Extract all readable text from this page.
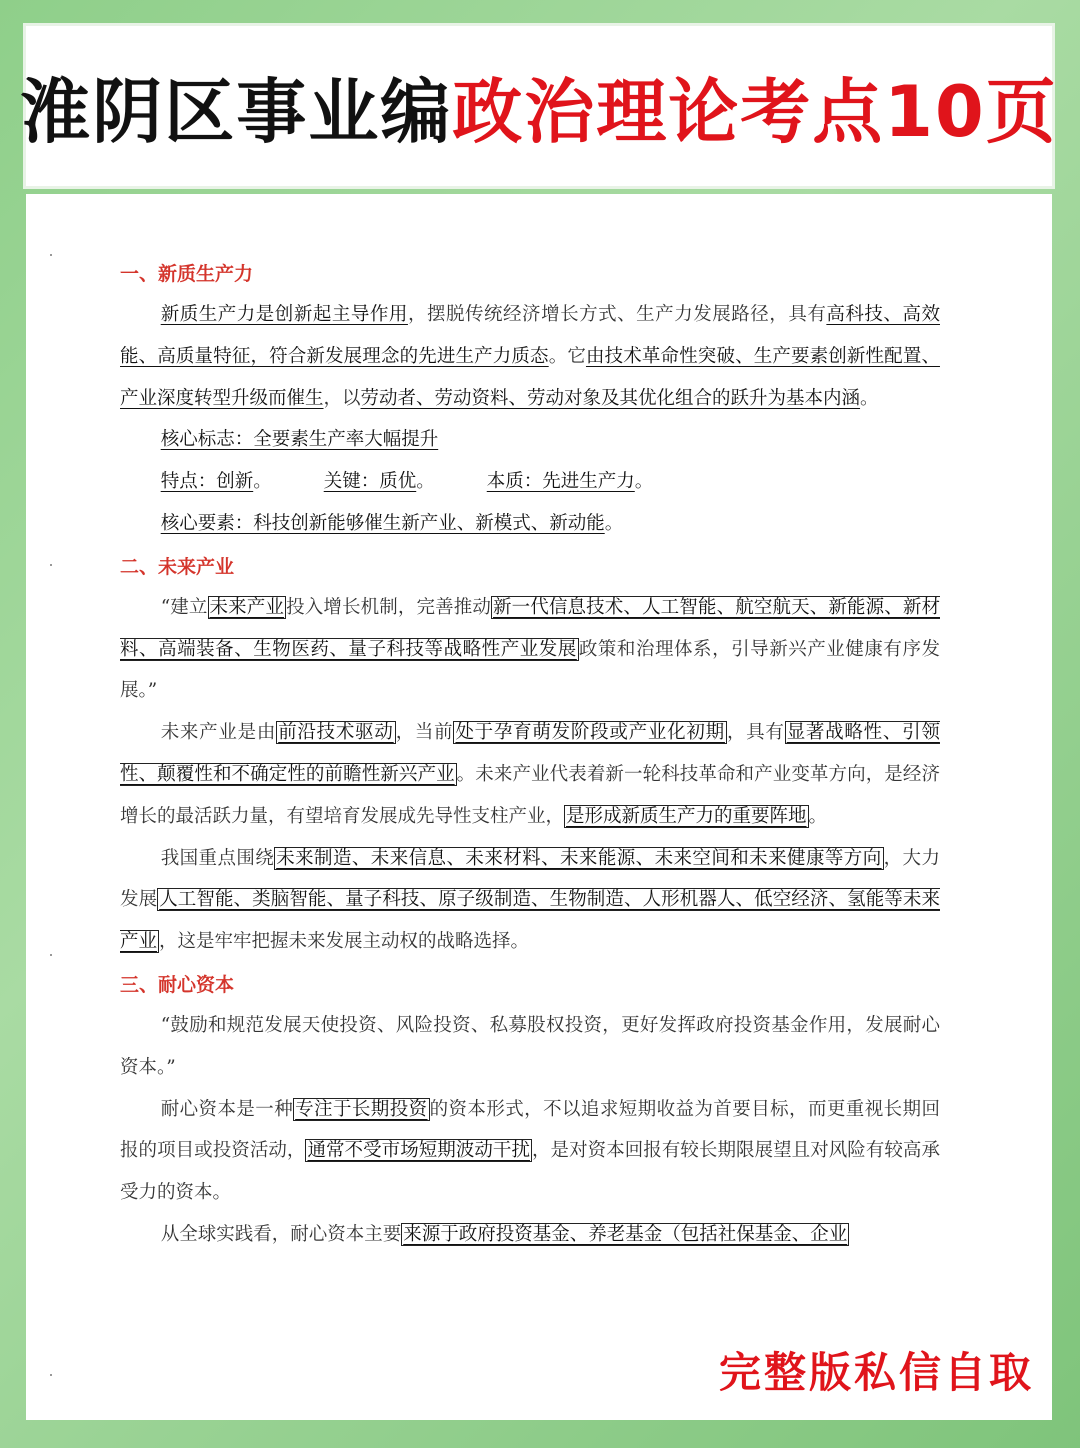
淮阴区事业编 政治理论考点10页
一、新质生产力

新质生产力是创新起主导作用，摆脱传统经济增长方式、生产力发展路径，具有高科技、高效能、高质量特征，符合新发展理念的先进生产力质态。它由技术革命性突破、生产要素创新性配置、产业深度转型升级而催生，以劳动者、劳动资料、劳动对象及其优化组合的跃升为基本内涵。

核心标志：全要素生产率大幅提升

特点：创新。	关键：质优。	本质：先进生产力。

核心要素：科技创新能够催生新产业、新模式、新动能。

二、未来产业

“建立 未来产业 投入增长机制，完善推动 新一代信息技术、人工智能、航空航天、新能源、新材料、高端装备、生物医药、量子科技等战略性产业发展 政策和治理体系，引导新兴产业健康有序发展。”

未来产业是由 前沿技术驱动 ，当前 处于孕育萌发阶段或产业化初期 ，具有 显著战略性、引领性、颠覆性和不确定性的前瞻性新兴产业 。未来产业代表着新一轮科技革命和产业变革方向，是经济增长的最活跃力量，有望培育发展成先导性支柱产业， 是形成新质生产力的重要阵地 。

我国重点围绕 未来制造、未来信息、未来材料、未来能源、未来空间和未来健康等方向 ，大力发展 人工智能、类脑智能、量子科技、原子级制造、生物制造、人形机器人、低空经济、氢能等未来产业 ，这是牢牢把握未来发展主动权的战略选择。

三、耐心资本

“鼓励和规范发展天使投资、风险投资、私募股权投资，更好发挥政府投资基金作用，发展耐心资本。”

耐心资本是一种 专注于长期投资 的资本形式，不以追求短期收益为首要目标，而更重视长期回报的项目或投资活动， 通常不受市场短期波动干扰 ，是对资本回报有较长期限展望且对风险有较高承受力的资本。

从全球实践看，耐心资本主要 来源于政府投资基金、养老基金（包括社保基金、企业

完整版私信自取
